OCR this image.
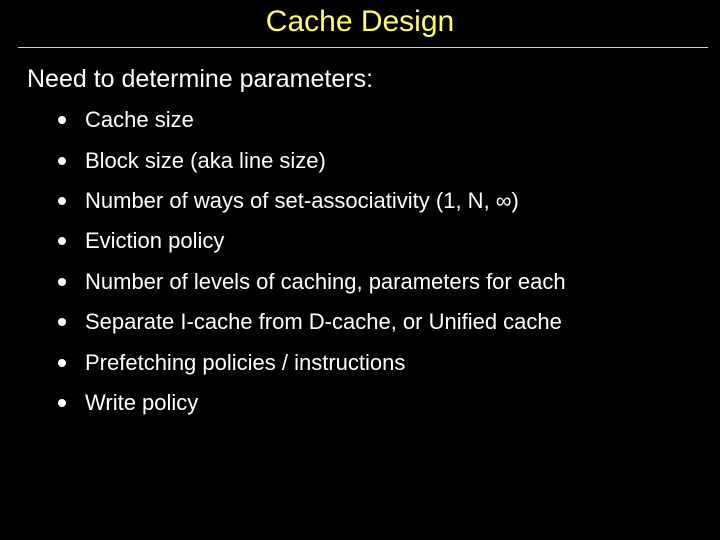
Cache Design
Need to determine parameters:
Cache size
Block size (aka line size)
Number of ways of set-associativity (1, N, ∞)
Eviction policy
Number of levels of caching, parameters for each
Separate I-cache from D-cache, or Unified cache
Prefetching policies / instructions
Write policy
